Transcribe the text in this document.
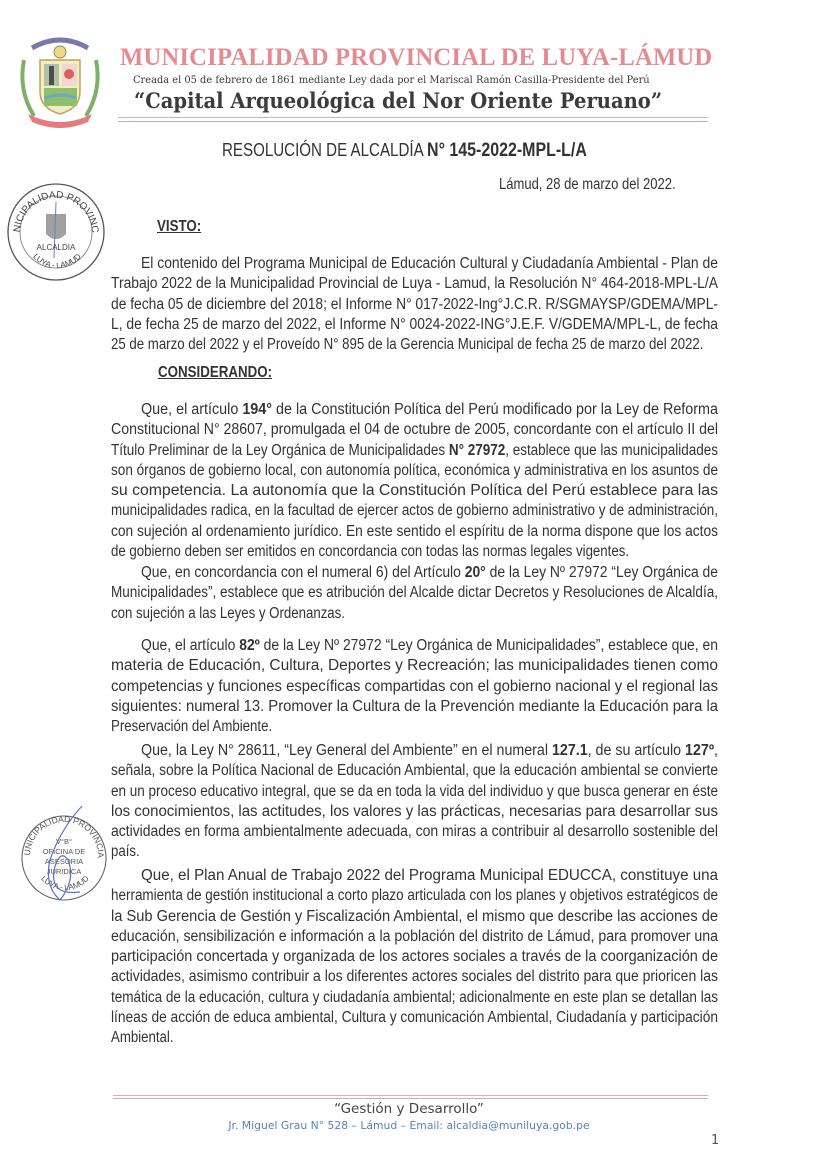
MUNICIPALIDAD PROVINCIAL DE LUYA-LÁMUD
Creada el 05 de febrero de 1861 mediante Ley dada por el Mariscal Ramón Casilla-Presidente del Perú
“Capital Arqueológica del Nor Oriente Peruano”
RESOLUCIÓN DE ALCALDÍA N° 145-2022-MPL-L/A
Lámud, 28 de marzo del 2022.
NICIPALIDAD PROVINC
ALCALDIA
LUYA - LAMUD
VISTO:
El contenido del Programa Municipal de Educación Cultural y Ciudadanía Ambiental - Plan de
Trabajo 2022 de la Municipalidad Provincial de Luya - Lamud, la Resolución N° 464-2018-MPL-L/A
de fecha 05 de diciembre del 2018; el Informe N° 017-2022-Ing°J.C.R. R/SGMAYSP/GDEMA/MPL-
L, de fecha 25 de marzo del 2022, el Informe N° 0024-2022-ING°J.E.F. V/GDEMA/MPL-L, de fecha
25 de marzo del 2022 y el Proveído N° 895 de la Gerencia Municipal de fecha 25 de marzo del 2022.
CONSIDERANDO:
Que, el artículo 194° de la Constitución Política del Perú modificado por la Ley de Reforma
Constitucional N° 28607, promulgada el 04 de octubre de 2005, concordante con el artículo II del
Título Preliminar de la Ley Orgánica de Municipalidades N° 27972, establece que las municipalidades
son órganos de gobierno local, con autonomía política, económica y administrativa en los asuntos de
su competencia. La autonomía que la Constitución Política del Perú establece para las
municipalidades radica, en la facultad de ejercer actos de gobierno administrativo y de administración,
con sujeción al ordenamiento jurídico. En este sentido el espíritu de la norma dispone que los actos
de gobierno deben ser emitidos en concordancia con todas las normas legales vigentes.
Que, en concordancia con el numeral 6) del Artículo 20° de la Ley Nº 27972 “Ley Orgánica de
Municipalidades”, establece que es atribución del Alcalde dictar Decretos y Resoluciones de Alcaldía,
con sujeción a las Leyes y Ordenanzas.
Que, el artículo 82º de la Ley Nº 27972 “Ley Orgánica de Municipalidades”, establece que, en
materia de Educación, Cultura, Deportes y Recreación; las municipalidades tienen como
competencias y funciones específicas compartidas con el gobierno nacional y el regional las
siguientes: numeral 13. Promover la Cultura de la Prevención mediante la Educación para la
Preservación del Ambiente.
Que, la Ley N° 28611, “Ley General del Ambiente” en el numeral 127.1, de su artículo 127º,
señala, sobre la Política Nacional de Educación Ambiental, que la educación ambiental se convierte
en un proceso educativo integral, que se da en toda la vida del individuo y que busca generar en éste
los conocimientos, las actitudes, los valores y las prácticas, necesarias para desarrollar sus
actividades en forma ambientalmente adecuada, con miras a contribuir al desarrollo sostenible del
país.
Que, el Plan Anual de Trabajo 2022 del Programa Municipal EDUCCA, constituye una
herramienta de gestión institucional a corto plazo articulada con los planes y objetivos estratégicos de
la Sub Gerencia de Gestión y Fiscalización Ambiental, el mismo que describe las acciones de
educación, sensibilización e información a la población del distrito de Lámud, para promover una
participación concertada y organizada de los actores sociales a través de la coorganización de
actividades, asimismo contribuir a los diferentes actores sociales del distrito para que prioricen las
temática de la educación, cultura y ciudadanía ambiental; adicionalmente en este plan se detallan las
líneas de acción de educa ambiental, Cultura y comunicación Ambiental, Ciudadanía y participación
Ambiental.
UNICIPALIDAD PROVINCIA
V°B°
OFICINA DE
ASESORIA
JURIDICA
LUYA - LAMUD
“Gestión y Desarrollo”
Jr. Miguel Grau N° 528 – Lámud – Email: alcaldia@muniluya.gob.pe
1
